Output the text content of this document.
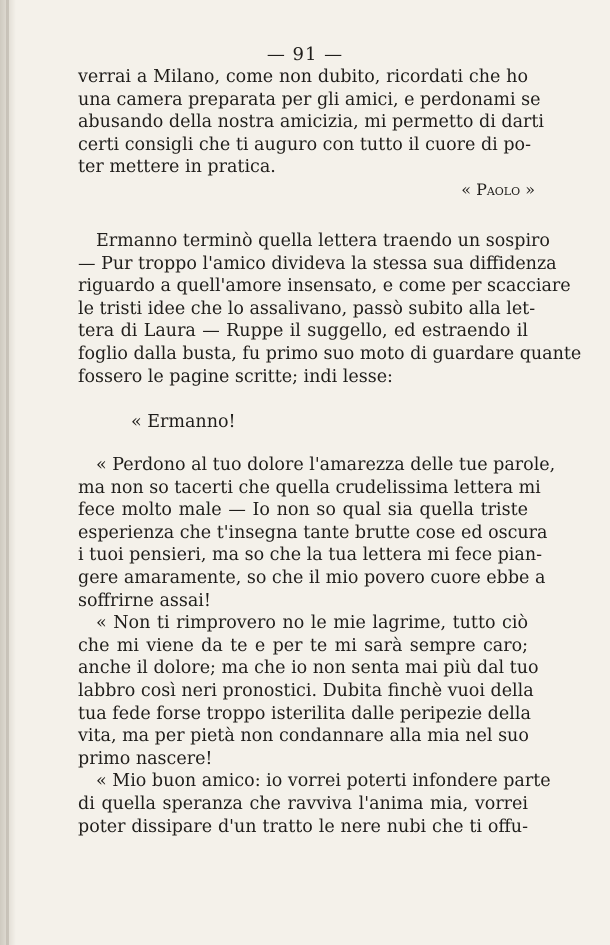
— 91 —
verrai a Milano, come non dubito, ricordati che ho
una camera preparata per gli amici, e perdonami se
abusando della nostra amicizia, mi permetto di darti
certi consigli che ti auguro con tutto il cuore di po-
ter mettere in pratica.
« Paolo »
Ermanno terminò quella lettera traendo un sospiro
— Pur troppo l'amico divideva la stessa sua diffidenza
riguardo a quell'amore insensato, e come per scacciare
le tristi idee che lo assalivano, passò subito alla let-
tera di Laura — Ruppe il suggello, ed estraendo il
foglio dalla busta, fu primo suo moto di guardare quante
fossero le pagine scritte; indi lesse:
« Ermanno!
« Perdono al tuo dolore l'amarezza delle tue parole,
ma non so tacerti che quella crudelissima lettera mi
fece molto male — Io non so qual sia quella triste
esperienza che t'insegna tante brutte cose ed oscura
i tuoi pensieri, ma so che la tua lettera mi fece pian-
gere amaramente, so che il mio povero cuore ebbe a
soffrirne assai!
« Non ti rimprovero no le mie lagrime, tutto ciò
che mi viene da te e per te mi sarà sempre caro;
anche il dolore; ma che io non senta mai più dal tuo
labbro così neri pronostici. Dubita finchè vuoi della
tua fede forse troppo isterilita dalle peripezie della
vita, ma per pietà non condannare alla mia nel suo
primo nascere!
« Mio buon amico: io vorrei poterti infondere parte
di quella speranza che ravviva l'anima mia, vorrei
poter dissipare d'un tratto le nere nubi che ti offu-
